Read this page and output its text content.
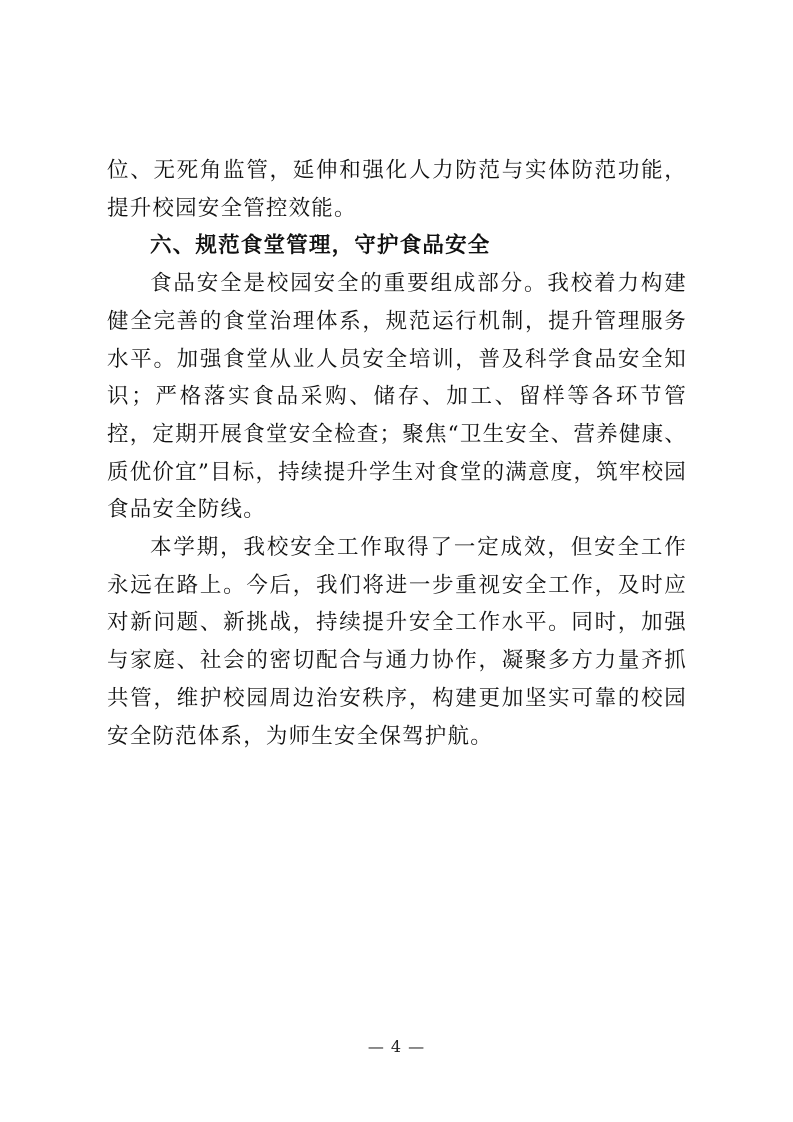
位、无死角监管，延伸和强化人力防范与实体防范功能，提升校园安全管控效能。

六、规范食堂管理，守护食品安全

食品安全是校园安全的重要组成部分。我校着力构建健全完善的食堂治理体系，规范运行机制，提升管理服务水平。加强食堂从业人员安全培训，普及科学食品安全知识；严格落实食品采购、储存、加工、留样等各环节管控，定期开展食堂安全检查；聚焦“卫生安全、营养健康、质优价宜”目标，持续提升学生对食堂的满意度，筑牢校园食品安全防线。

本学期，我校安全工作取得了一定成效，但安全工作永远在路上。今后，我们将进一步重视安全工作，及时应对新问题、新挑战，持续提升安全工作水平。同时，加强与家庭、社会的密切配合与通力协作，凝聚多方力量齐抓共管，维护校园周边治安秩序，构建更加坚实可靠的校园安全防范体系，为师生安全保驾护航。

— 4 —
